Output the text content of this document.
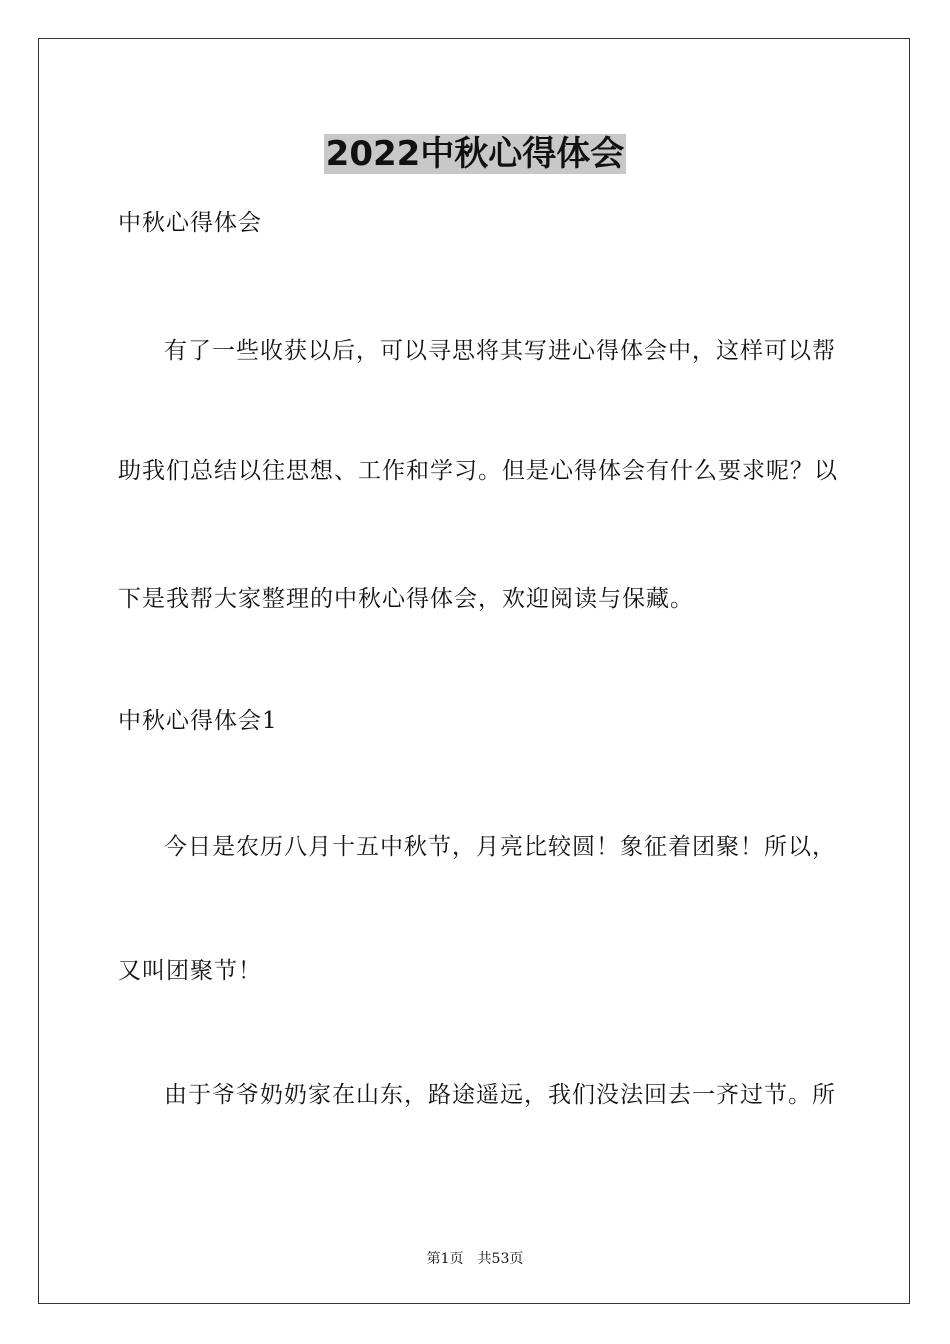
2022中秋心得体会
中秋心得体会
有了一些收获以后，可以寻思将其写进心得体会中，这样可以帮
助我们总结以往思想、工作和学习。但是心得体会有什么要求呢？以
下是我帮大家整理的中秋心得体会，欢迎阅读与保藏。
中秋心得体会1
今日是农历八月十五中秋节，月亮比较圆！象征着团聚！所以，
又叫团聚节！
由于爷爷奶奶家在山东，路途遥远，我们没法回去一齐过节。所
第1页　共53页
